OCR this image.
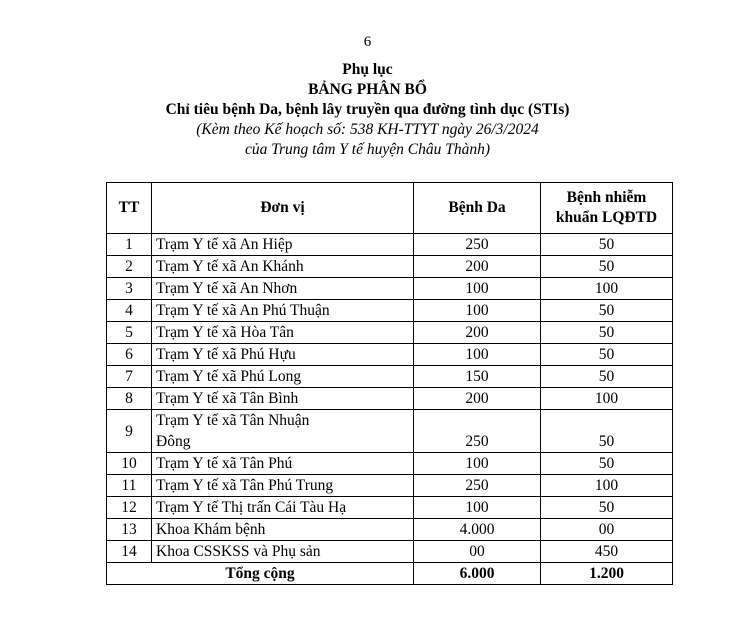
6
Phụ lục
BẢNG PHÂN BỔ
Chỉ tiêu bệnh Da, bệnh lây truyền qua đường tình dục (STIs)
(Kèm theo Kế hoạch số: 538 KH-TTYT ngày 26/3/2024
của Trung tâm Y tế huyện Châu Thành)
TT	Đơn vị	Bệnh Da	Bệnh nhiễm
khuẩn LQĐTD

1	Trạm Y tế xã An Hiệp	250	50
2	Trạm Y tế xã An Khánh	200	50
3	Trạm Y tế xã An Nhơn	100	100
4	Trạm Y tế xã An Phú Thuận	100	50
5	Trạm Y tế xã Hòa Tân	200	50
6	Trạm Y tế xã Phú Hựu	100	50
7	Trạm Y tế xã Phú Long	150	50
8	Trạm Y tế xã Tân Bình	200	100
9	Trạm Y tế xã Tân Nhuận
Đông	250	50
10	Trạm Y tế xã Tân Phú	100	50
11	Trạm Y tế xã Tân Phú Trung	250	100
12	Trạm Y tế Thị trấn Cái Tàu Hạ	100	50
13	Khoa Khám bệnh	4.000	00
14	Khoa CSSKSS và Phụ sản	00	450
Tổng cộng		6.000	1.200
